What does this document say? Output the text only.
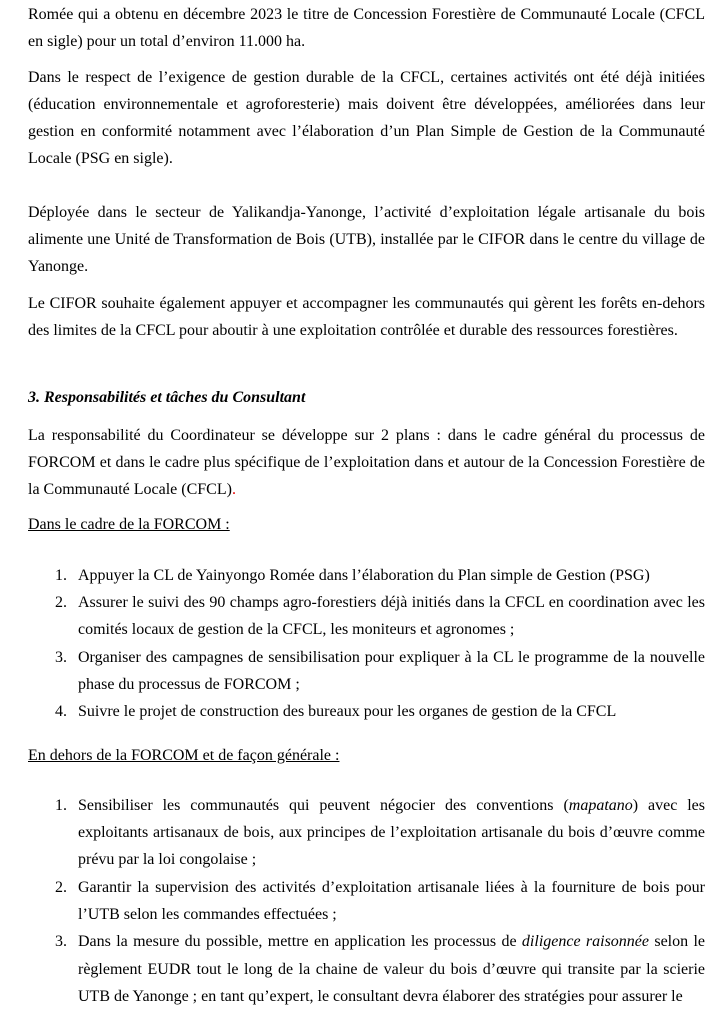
Romée qui a obtenu en décembre 2023 le titre de Concession Forestière de Communauté Locale (CFCL en sigle) pour un total d’environ 11.000 ha.

Dans le respect de l’exigence de gestion durable de la CFCL, certaines activités ont été déjà initiées (éducation environnementale et agroforesterie) mais doivent être développées, améliorées dans leur gestion en conformité notamment avec l’élaboration d’un Plan Simple de Gestion de la Communauté Locale (PSG en sigle).

Déployée dans le secteur de Yalikandja-Yanonge, l’activité d’exploitation légale artisanale du bois alimente une Unité de Transformation de Bois (UTB), installée par le CIFOR dans le centre du village de Yanonge.

Le CIFOR souhaite également appuyer et accompagner les communautés qui gèrent les forêts en-dehors des limites de la CFCL pour aboutir à une exploitation contrôlée et durable des ressources forestières.

3. Responsabilités et tâches du Consultant

La responsabilité du Coordinateur se développe sur 2 plans : dans le cadre général du processus de FORCOM et dans le cadre plus spécifique de l’exploitation dans et autour de la Concession Forestière de la Communauté Locale (CFCL).

Dans le cadre de la FORCOM :

1. Appuyer la CL de Yainyongo Romée dans l’élaboration du Plan simple de Gestion (PSG)
2. Assurer le suivi des 90 champs agro-forestiers déjà initiés dans la CFCL en coordination avec les comités locaux de gestion de la CFCL, les moniteurs et agronomes ;
3. Organiser des campagnes de sensibilisation pour expliquer à la CL le programme de la nouvelle phase du processus de FORCOM ;
4. Suivre le projet de construction des bureaux pour les organes de gestion de la CFCL

En dehors de la FORCOM et de façon générale :

1. Sensibiliser les communautés qui peuvent négocier des conventions (mapatano) avec les exploitants artisanaux de bois, aux principes de l’exploitation artisanale du bois d’œuvre comme prévu par la loi congolaise ;
2. Garantir la supervision des activités d’exploitation artisanale liées à la fourniture de bois pour l’UTB selon les commandes effectuées ;
3. Dans la mesure du possible, mettre en application les processus de diligence raisonnée selon le règlement EUDR tout le long de la chaine de valeur du bois d’œuvre qui transite par la scierie UTB de Yanonge ; en tant qu’expert, le consultant devra élaborer des stratégies pour assurer le
